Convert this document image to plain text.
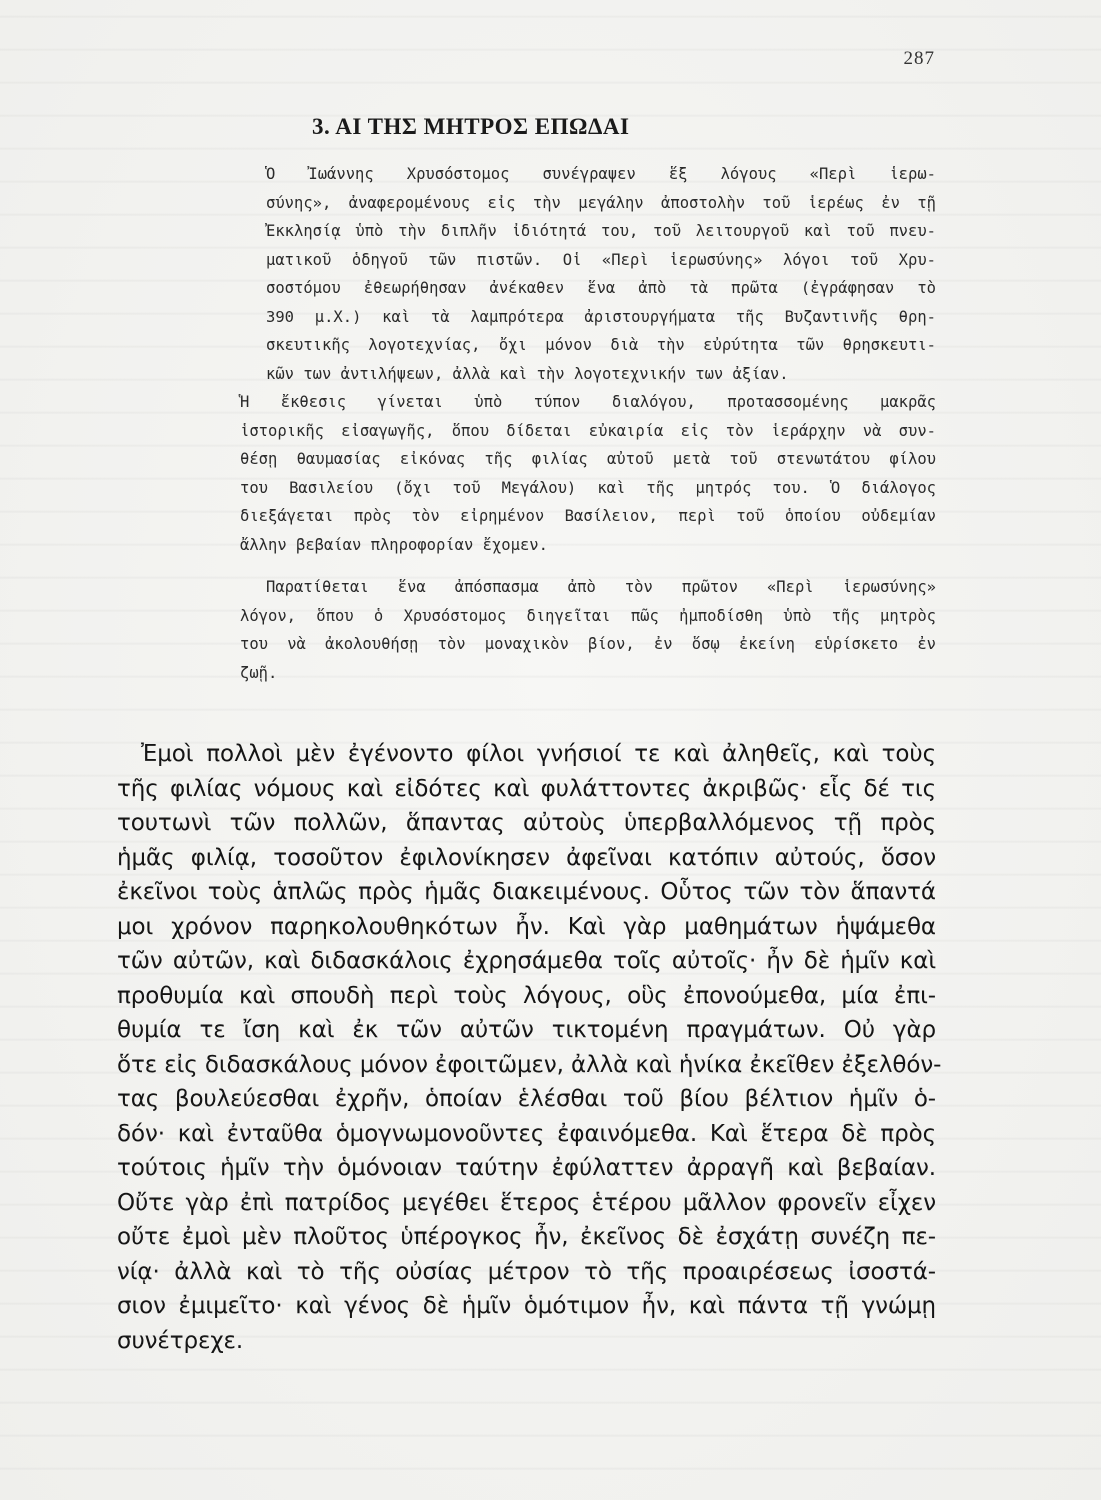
287
3. ΑΙ ΤΗΣ ΜΗΤΡΟΣ ΕΠΩΔΑΙ

Ὁ Ἰωάννης Χρυσόστομος συνέγραψεν ἕξ λόγους «Περὶ ἱερω-
σύνης», ἀναφερομένους εἰς τὴν μεγάλην ἀποστολὴν τοῦ ἱερέως ἐν τῇ
Ἐκκλησίᾳ ὑπὸ τὴν διπλῆν ἰδιότητά του, τοῦ λειτουργοῦ καὶ τοῦ πνευ-
ματικοῦ ὁδηγοῦ τῶν πιστῶν. Οἱ «Περὶ ἱερωσύνης» λόγοι τοῦ Χρυ-
σοστόμου ἐθεωρήθησαν ἀνέκαθεν ἕνα ἀπὸ τὰ πρῶτα (ἐγράφησαν τὸ
390 μ.Χ.) καὶ τὰ λαμπρότερα ἀριστουργήματα τῆς Βυζαντινῆς θρη-
σκευτικῆς λογοτεχνίας, ὄχι μόνον διὰ τὴν εὐρύτητα τῶν θρησκευτι-
κῶν των ἀντιλήψεων, ἀλλὰ καὶ τὴν λογοτεχνικήν των ἀξίαν.

Ἡ ἔκθεσις γίνεται ὑπὸ τύπον διαλόγου, προτασσομένης μακρᾶς
ἱστορικῆς εἰσαγωγῆς, ὅπου δίδεται εὐκαιρία εἰς τὸν ἱεράρχην νὰ συν-
θέσῃ θαυμασίας εἰκόνας τῆς φιλίας αὐτοῦ μετὰ τοῦ στενωτάτου φίλου
του Βασιλείου (ὄχι τοῦ Μεγάλου) καὶ τῆς μητρός του. Ὁ διάλογος
διεξάγεται πρὸς τὸν εἰρημένον Βασίλειον, περὶ τοῦ ὁποίου οὐδεμίαν
ἄλλην βεβαίαν πληροφορίαν ἔχομεν.

Παρατίθεται ἕνα ἀπόσπασμα ἀπὸ τὸν πρῶτον «Περὶ ἱερωσύνης»
λόγον, ὅπου ὁ Χρυσόστομος διηγεῖται πῶς ἠμποδίσθη ὑπὸ τῆς μητρὸς
του νὰ ἀκολουθήσῃ τὸν μοναχικὸν βίον, ἐν ὅσῳ ἐκείνη εὑρίσκετο ἐν
ζωῇ.

Ἐμοὶ πολλοὶ μὲν ἐγένοντο φίλοι γνήσιοί τε καὶ ἀληθεῖς, καὶ τοὺς
τῆς φιλίας νόμους καὶ εἰδότες καὶ φυλάττοντες ἀκριβῶς· εἷς δέ τις
τουτωνὶ τῶν πολλῶν, ἅπαντας αὐτοὺς ὑπερβαλλόμενος τῇ πρὸς
ἡμᾶς φιλίᾳ, τοσοῦτον ἐφιλονίκησεν ἀφεῖναι κατόπιν αὐτούς, ὅσον
ἐκεῖνοι τοὺς ἁπλῶς πρὸς ἡμᾶς διακειμένους. Οὗτος τῶν τὸν ἅπαντά
μοι χρόνον παρηκολουθηκότων ἦν. Καὶ γὰρ μαθημάτων ἡψάμεθα
τῶν αὐτῶν, καὶ διδασκάλοις ἐχρησάμεθα τοῖς αὐτοῖς· ἦν δὲ ἡμῖν καὶ
προθυμία καὶ σπουδὴ περὶ τοὺς λόγους, οὓς ἐπονούμεθα, μία ἐπι-
θυμία τε ἴση καὶ ἐκ τῶν αὐτῶν τικτομένη πραγμάτων. Οὐ γὰρ
ὅτε εἰς διδασκάλους μόνον ἐφοιτῶμεν, ἀλλὰ καὶ ἡνίκα ἐκεῖθεν ἐξελθόν-
τας βουλεύεσθαι ἐχρῆν, ὁποίαν ἑλέσθαι τοῦ βίου βέλτιον ἡμῖν ὁ-
δόν· καὶ ἐνταῦθα ὁμογνωμονοῦντες ἐφαινόμεθα. Καὶ ἕτερα δὲ πρὸς
τούτοις ἡμῖν τὴν ὁμόνοιαν ταύτην ἐφύλαττεν ἀρραγῆ καὶ βεβαίαν.
Οὔτε γὰρ ἐπὶ πατρίδος μεγέθει ἕτερος ἑτέρου μᾶλλον φρονεῖν εἶχεν
οὔτε ἐμοὶ μὲν πλοῦτος ὑπέρογκος ἦν, ἐκεῖνος δὲ ἐσχάτῃ συνέζη πε-
νίᾳ· ἀλλὰ καὶ τὸ τῆς οὐσίας μέτρον τὸ τῆς προαιρέσεως ἰσοστά-
σιον ἐμιμεῖτο· καὶ γένος δὲ ἡμῖν ὁμότιμον ἦν, καὶ πάντα τῇ γνώμῃ
συνέτρεχε.
